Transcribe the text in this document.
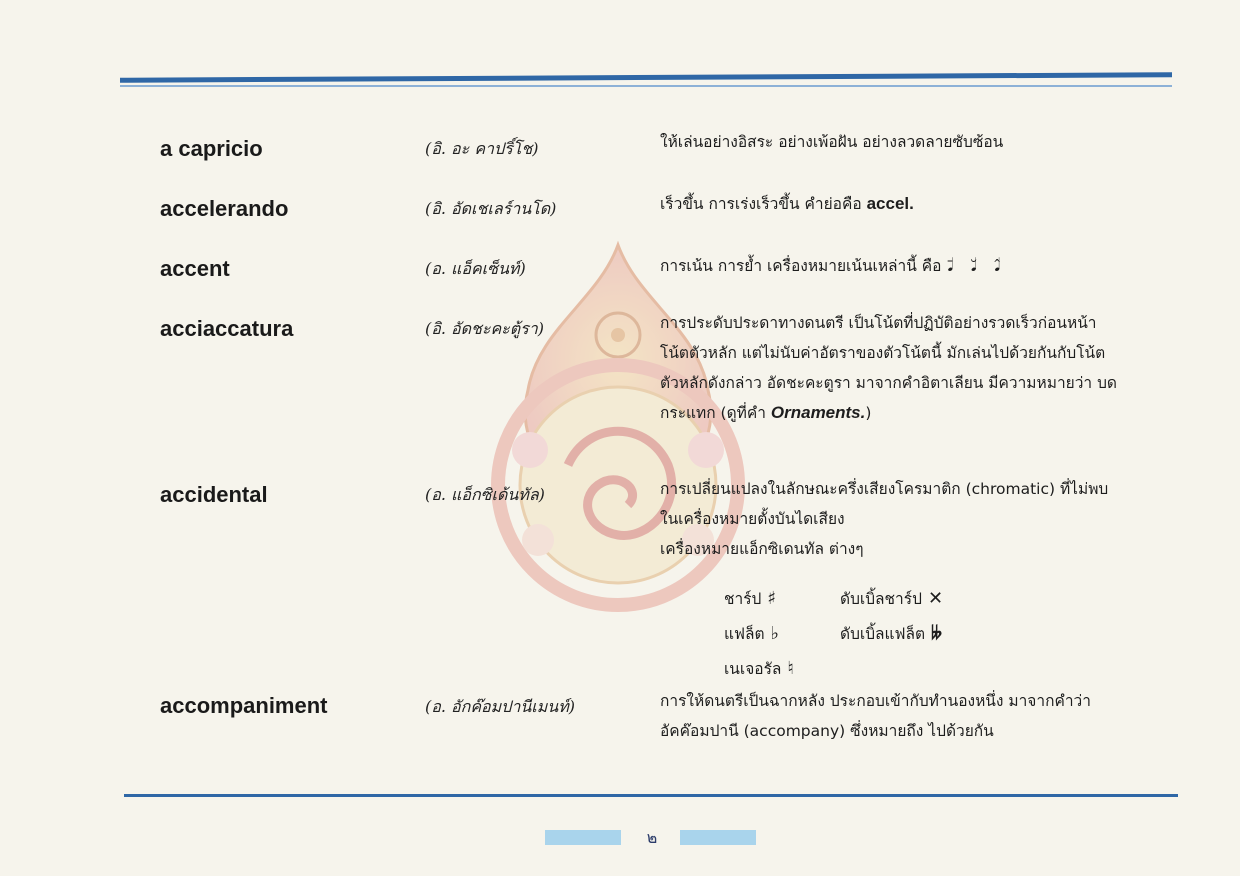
a capricio	(อิ. อะ คาปริ์โช)	ให้เล่นอย่างอิสระ อย่างเพ้อฝัน อย่างลวดลายซับซ้อน
accelerando	(อิ. อัดเชเลร์านโด)	เร็วขึ้น การเร่งเร็วขึ้น คำย่อคือ accel.
accent	(อ. แอ็คเซ็นท์)	การเน้น การย้ำ เครื่องหมายเน้นเหล่านี้ คือ 𝅘𝅥̄ 𝅘𝅥̆ 𝅘𝅥̂
acciaccatura	(อิ. อัดชะคะตู้รา)	การประดับประดาทางดนตรี เป็นโน้ตที่ปฏิบัติอย่างรวดเร็วก่อนหน้า
โน้ตตัวหลัก แต่ไม่นับค่าอัตราของตัวโน้ตนี้ มักเล่นไปด้วยกันกับโน้ต
ตัวหลักดังกล่าว อัดชะคะตูรา มาจากคำอิตาเลียน มีความหมายว่า บด
กระแทก (ดูที่คำ Ornaments.)
accidental	(อ. แอ็กซิเด้นทัล)	การเปลี่ยนแปลงในลักษณะครึ่งเสียงโครมาติก (chromatic) ที่ไม่พบ
ในเครื่องหมายตั้งบันไดเสียง
เครื่องหมายแอ็กซิเดนทัล ต่างๆ
ชาร์ป ♯	ดับเบิ้ลชาร์ป ✕
แฟล็ต ♭	ดับเบิ้ลแฟล็ต 𝄫
เนเจอรัล ♮
accompaniment	(อ. อักค๊อมปานีเมนท์)	การให้ดนตรีเป็นฉากหลัง ประกอบเข้ากับทำนองหนึ่ง มาจากคำว่า
อัคค๊อมปานี (accompany) ซึ่งหมายถึง ไปด้วยกัน
๒
